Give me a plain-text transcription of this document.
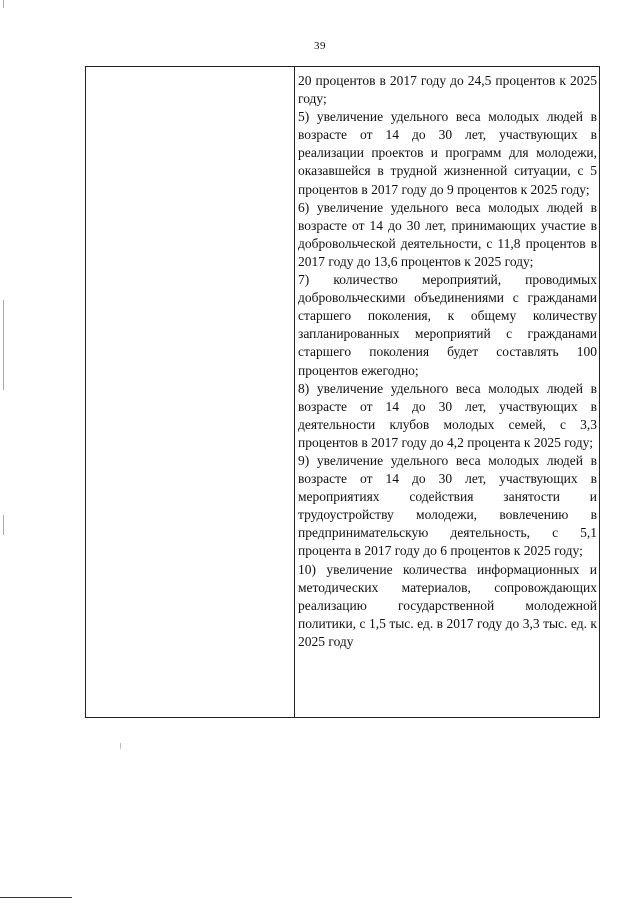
39

20 процентов в 2017 году до 24,5 процентов к 2025 году;

5) увеличение удельного веса молодых людей в возрасте от 14 до 30 лет, участвующих в реализации проектов и программ для молодежи, оказавшейся в трудной жизненной ситуации, с 5 процентов в 2017 году до 9 процентов к 2025 году;

6) увеличение удельного веса молодых людей в возрасте от 14 до 30 лет, принимающих участие в добровольческой деятельности, с 11,8 процентов в 2017 году до 13,6 процентов к 2025 году;

7) количество мероприятий, проводимых добровольческими объединениями с гражданами старшего поколения, к общему количеству запланированных мероприятий с гражданами старшего поколения будет составлять 100 процентов ежегодно;

8) увеличение удельного веса молодых людей в возрасте от 14 до 30 лет, участвующих в деятельности клубов молодых семей, с 3,3 процентов в 2017 году до 4,2 процента к 2025 году;

9) увеличение удельного веса молодых людей в возрасте от 14 до 30 лет, участвующих в мероприятиях содействия занятости и трудоустройству молодежи, вовлечению в предпринимательскую деятельность, с 5,1 процента в 2017 году до 6 процентов к 2025 году;

10) увеличение количества информационных и методических материалов, сопровождающих реализацию государственной молодежной политики, с 1,5 тыс. ед. в 2017 году до 3,3 тыс. ед. к 2025 году
